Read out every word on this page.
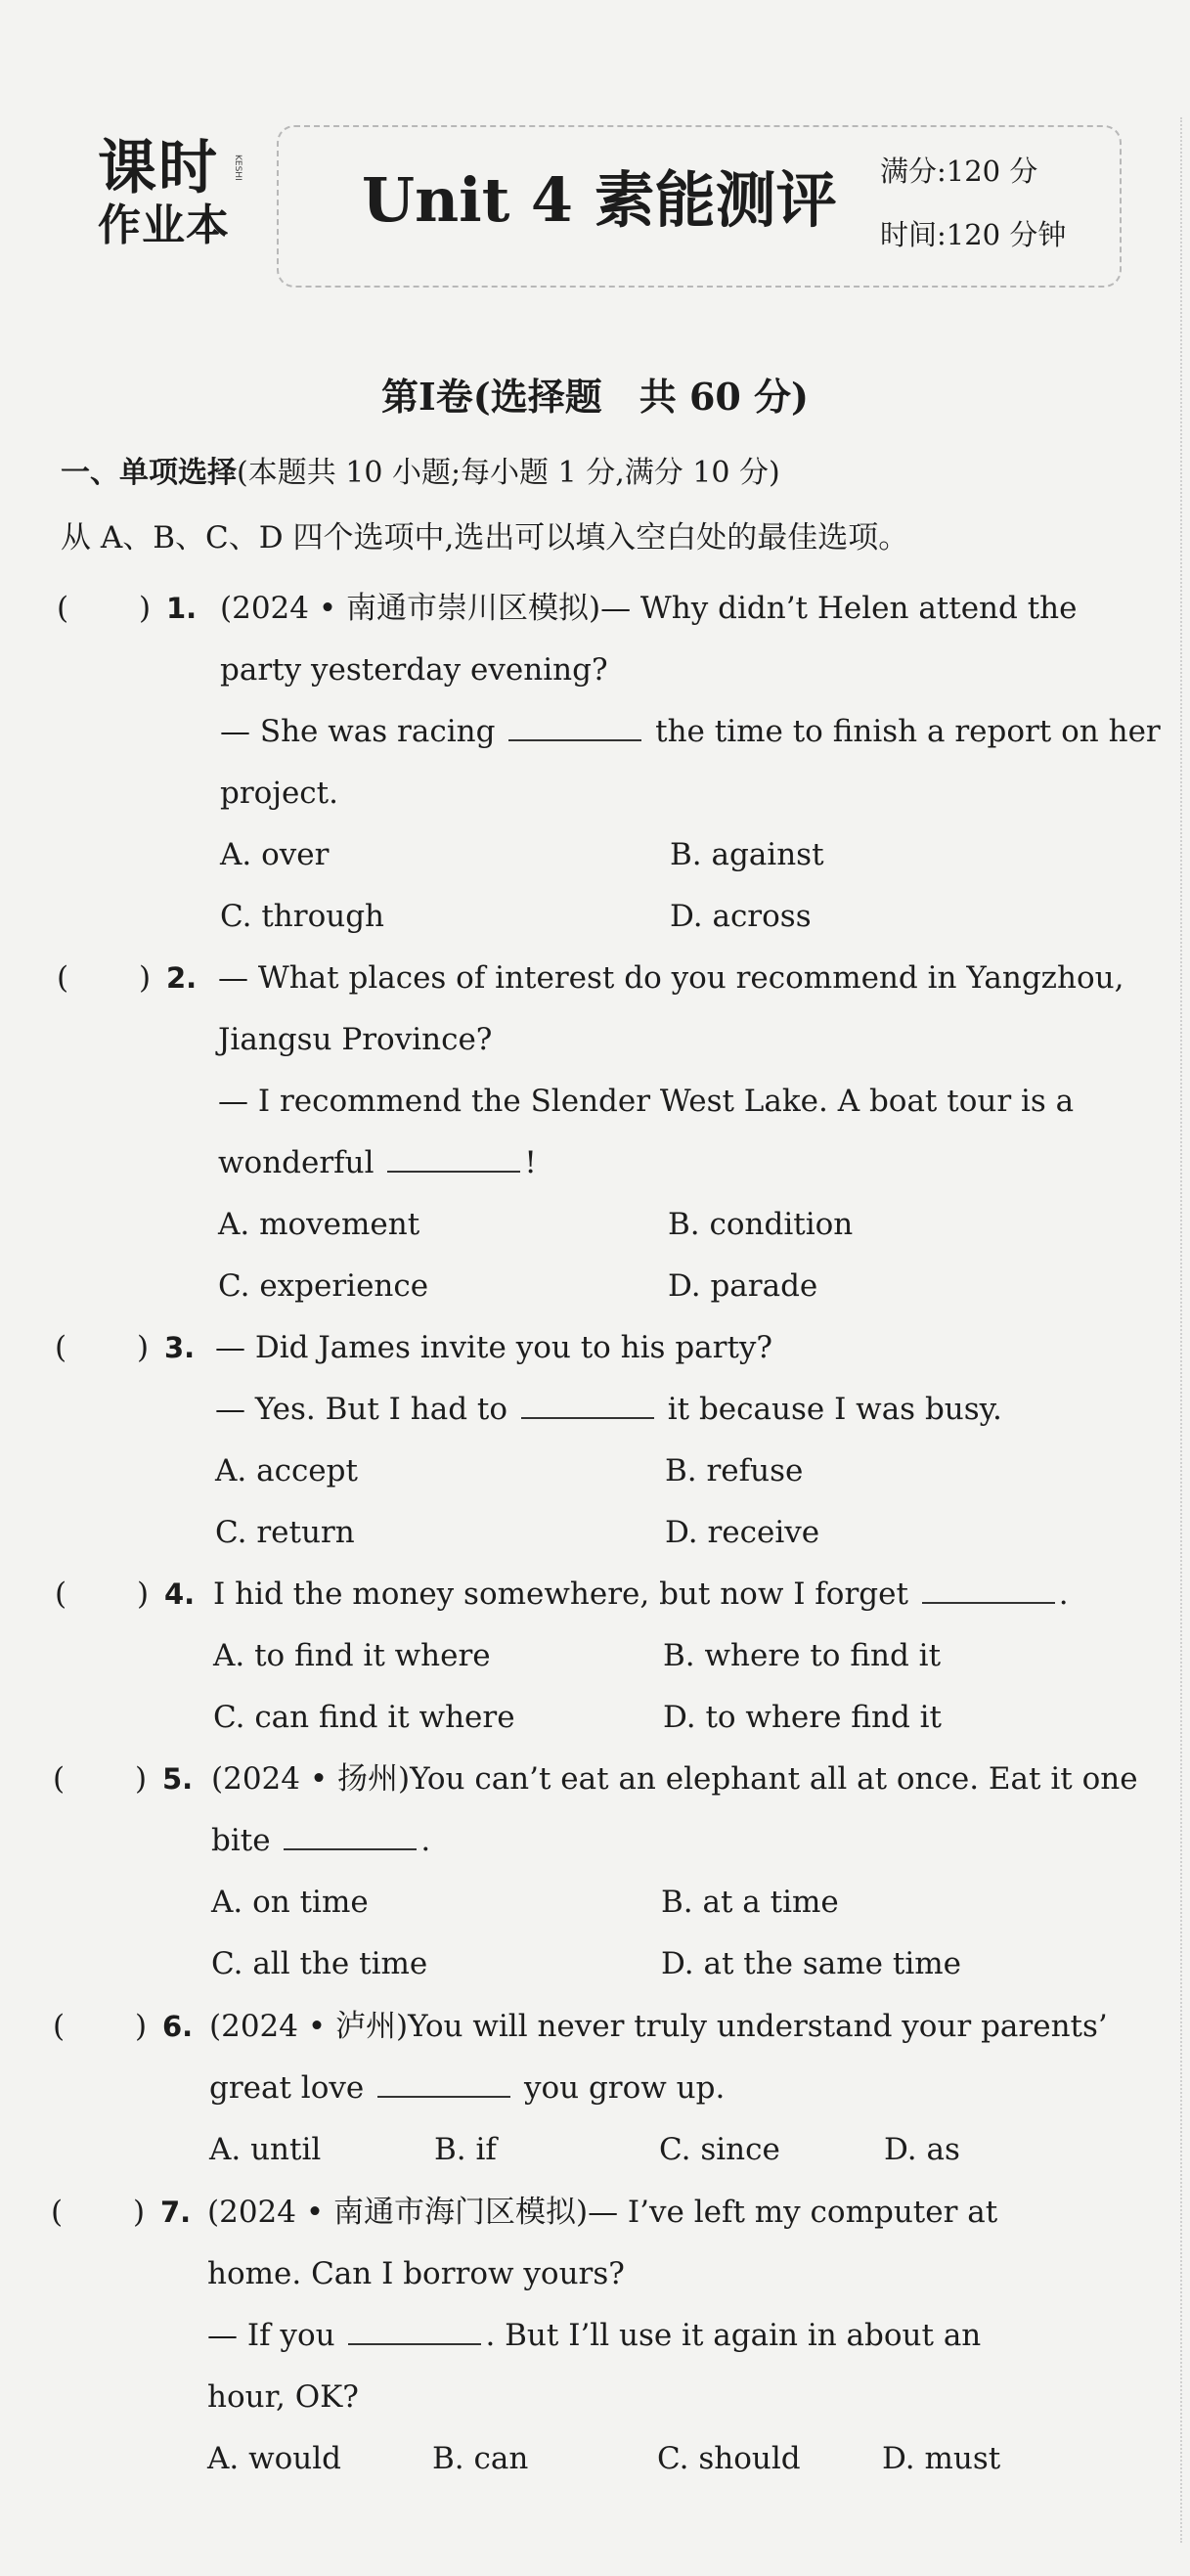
课时
作业本
KESHI Unit 4 素能测评 满分:120 分
时间:120 分钟
第Ⅰ卷(选择题　共 60 分)
一、单项选择(本题共 10 小题;每小题 1 分,满分 10 分)
从 A、B、C、D 四个选项中,选出可以填入空白处的最佳选项。
( ) 1. (2024 • 南通市崇川区模拟)— Why didn’t Helen attend the
party yesterday evening?
— She was racing	the time to finish a report on her
project.
A. over	B. against
C. through	D. across
( ) 2. — What places of interest do you recommend in Yangzhou,
Jiangsu Province?
— I recommend the Slender West Lake. A boat tour is a
wonderful	!
A. movement	B. condition
C. experience	D. parade
( ) 3. — Did James invite you to his party?
— Yes. But I had to	it because I was busy.
A. accept	B. refuse
C. return	D. receive
( ) 4. I hid the money somewhere, but now I forget	.
A. to find it where	B. where to find it
C. can find it where	D. to where find it
( ) 5. (2024 • 扬州)You can’t eat an elephant all at once. Eat it one
bite	.
A. on time	B. at a time
C. all the time	D. at the same time
( ) 6. (2024 • 泸州)You will never truly understand your parents’
great love	you grow up.
A. until	B. if	C. since	D. as
( ) 7. (2024 • 南通市海门区模拟)— I’ve left my computer at
home. Can I borrow yours?
— If you	. But I’ll use it again in about an
hour, OK?
A. would	B. can	C. should	D. must
